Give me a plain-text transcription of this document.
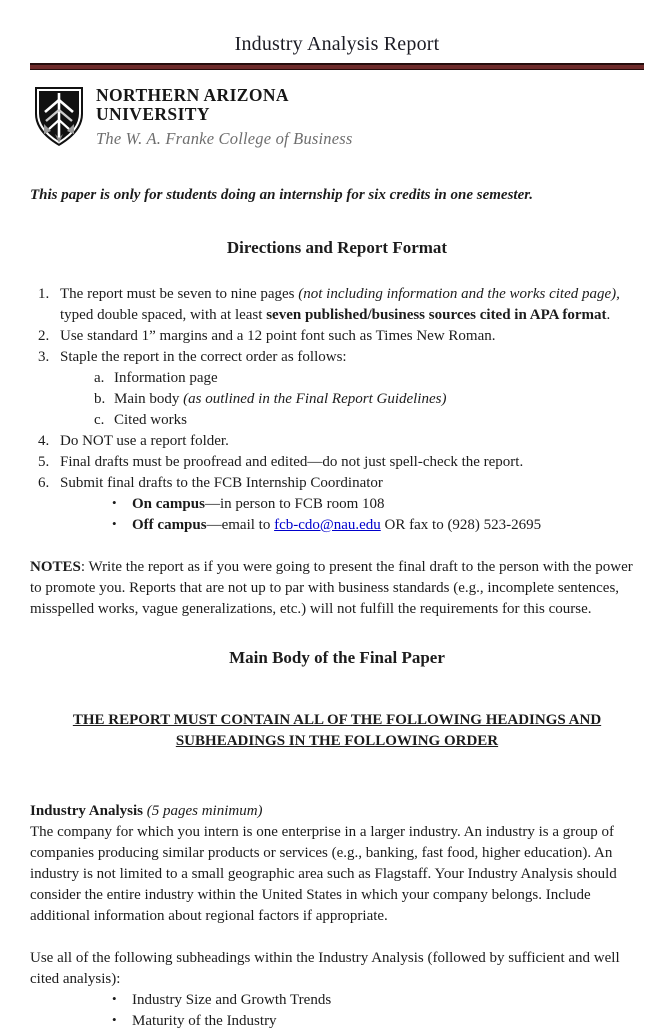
Industry Analysis Report
NORTHERN ARIZONA
UNIVERSITY
The W. A. Franke College of Business

This paper is only for students doing an internship for six credits in one semester.

Directions and Report Format
1. The report must be seven to nine pages (not including information and the works cited page), typed double spaced, with at least seven published/business sources cited in APA format.
2. Use standard 1” margins and a 12 point font such as Times New Roman.
3. Staple the report in the correct order as follows:
a. Information page
b. Main body (as outlined in the Final Report Guidelines)
c. Cited works
4. Do NOT use a report folder.
5. Final drafts must be proofread and edited—do not just spell-check the report.
6. Submit final drafts to the FCB Internship Coordinator
•	On campus—in person to FCB room 108
•	Off campus—email to fcb-cdo@nau.edu OR fax to (928) 523-2695

NOTES: Write the report as if you were going to present the final draft to the person with the power to promote you. Reports that are not up to par with business standards (e.g., incomplete sentences, misspelled works, vague generalizations, etc.) will not fulfill the requirements for this course.

Main Body of the Final Paper
THE REPORT MUST CONTAIN ALL OF THE FOLLOWING HEADINGS AND SUBHEADINGS IN THE FOLLOWING ORDER

Industry Analysis (5 pages minimum)

The company for which you intern is one enterprise in a larger industry. An industry is a group of companies producing similar products or services (e.g., banking, fast food, higher education). An industry is not limited to a small geographic area such as Flagstaff. Your Industry Analysis should consider the entire industry within the United States in which your company belongs. Include additional information about regional factors if appropriate.

Use all of the following subheadings within the Industry Analysis (followed by sufficient and well cited analysis):

•	Industry Size and Growth Trends
•	Maturity of the Industry
